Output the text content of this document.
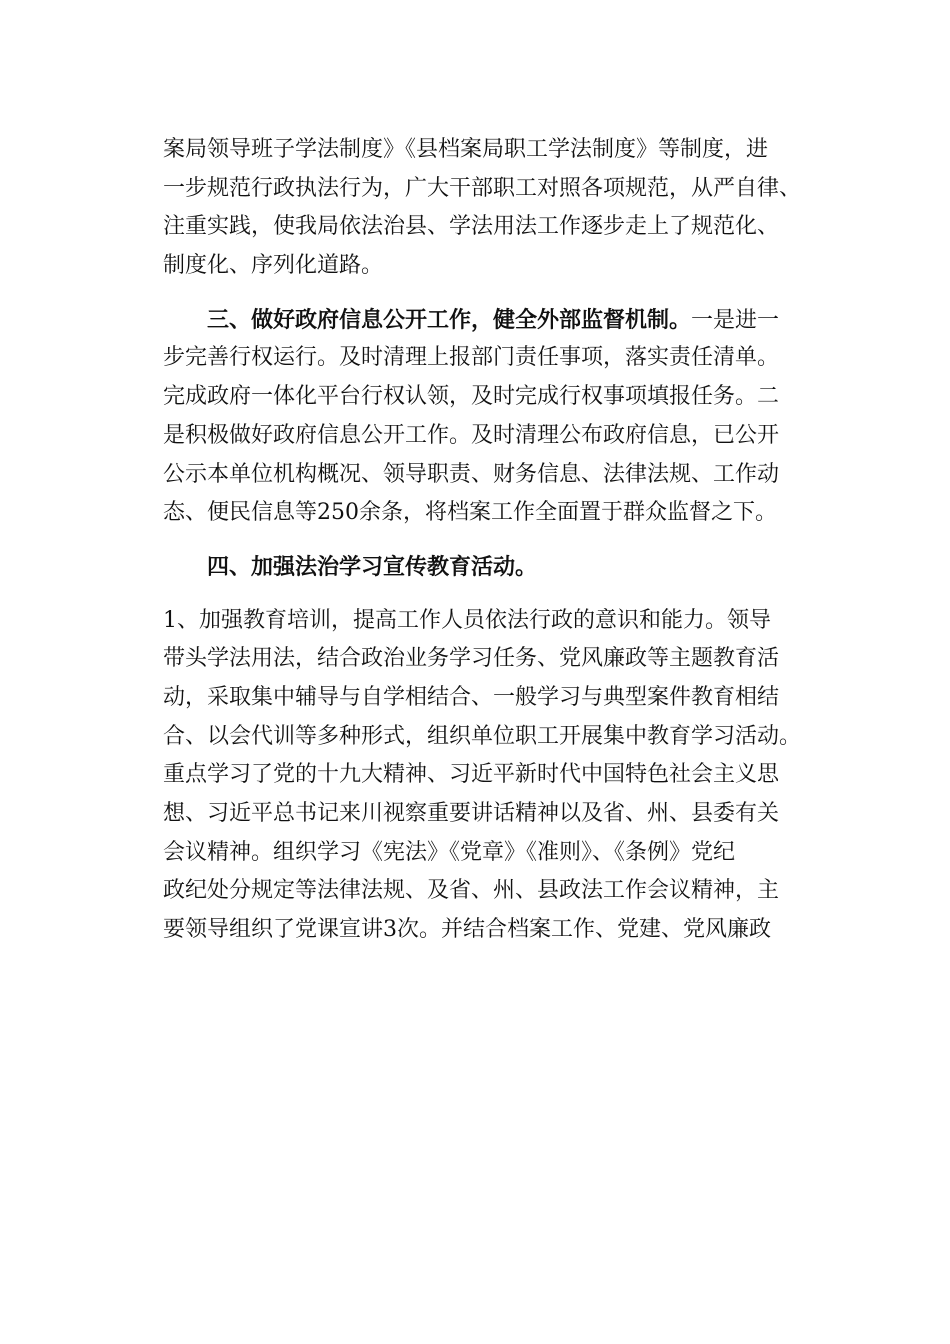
案局领导班子学法制度》《县档案局职工学法制度》等制度，进
一步规范行政执法行为，广大干部职工对照各项规范，从严自律、
注重实践，使我局依法治县、学法用法工作逐步走上了规范化、
制度化、序列化道路。
三、做好政府信息公开工作，健全外部监督机制。一是进一
步完善行权运行。及时清理上报部门责任事项，落实责任清单。
完成政府一体化平台行权认领，及时完成行权事项填报任务。二
是积极做好政府信息公开工作。及时清理公布政府信息，已公开
公示本单位机构概况、领导职责、财务信息、法律法规、工作动
态、便民信息等250余条，将档案工作全面置于群众监督之下。
四、加强法治学习宣传教育活动。
1、加强教育培训，提高工作人员依法行政的意识和能力。领导
带头学法用法，结合政治业务学习任务、党风廉政等主题教育活
动，采取集中辅导与自学相结合、一般学习与典型案件教育相结
合、以会代训等多种形式，组织单位职工开展集中教育学习活动。
重点学习了党的十九大精神、习近平新时代中国特色社会主义思
想、习近平总书记来川视察重要讲话精神以及省、州、县委有关
会议精神。组织学习《宪法》《党章》《准则》、《条例》党纪
政纪处分规定等法律法规、及省、州、县政法工作会议精神，主
要领导组织了党课宣讲3次。并结合档案工作、党建、党风廉政
